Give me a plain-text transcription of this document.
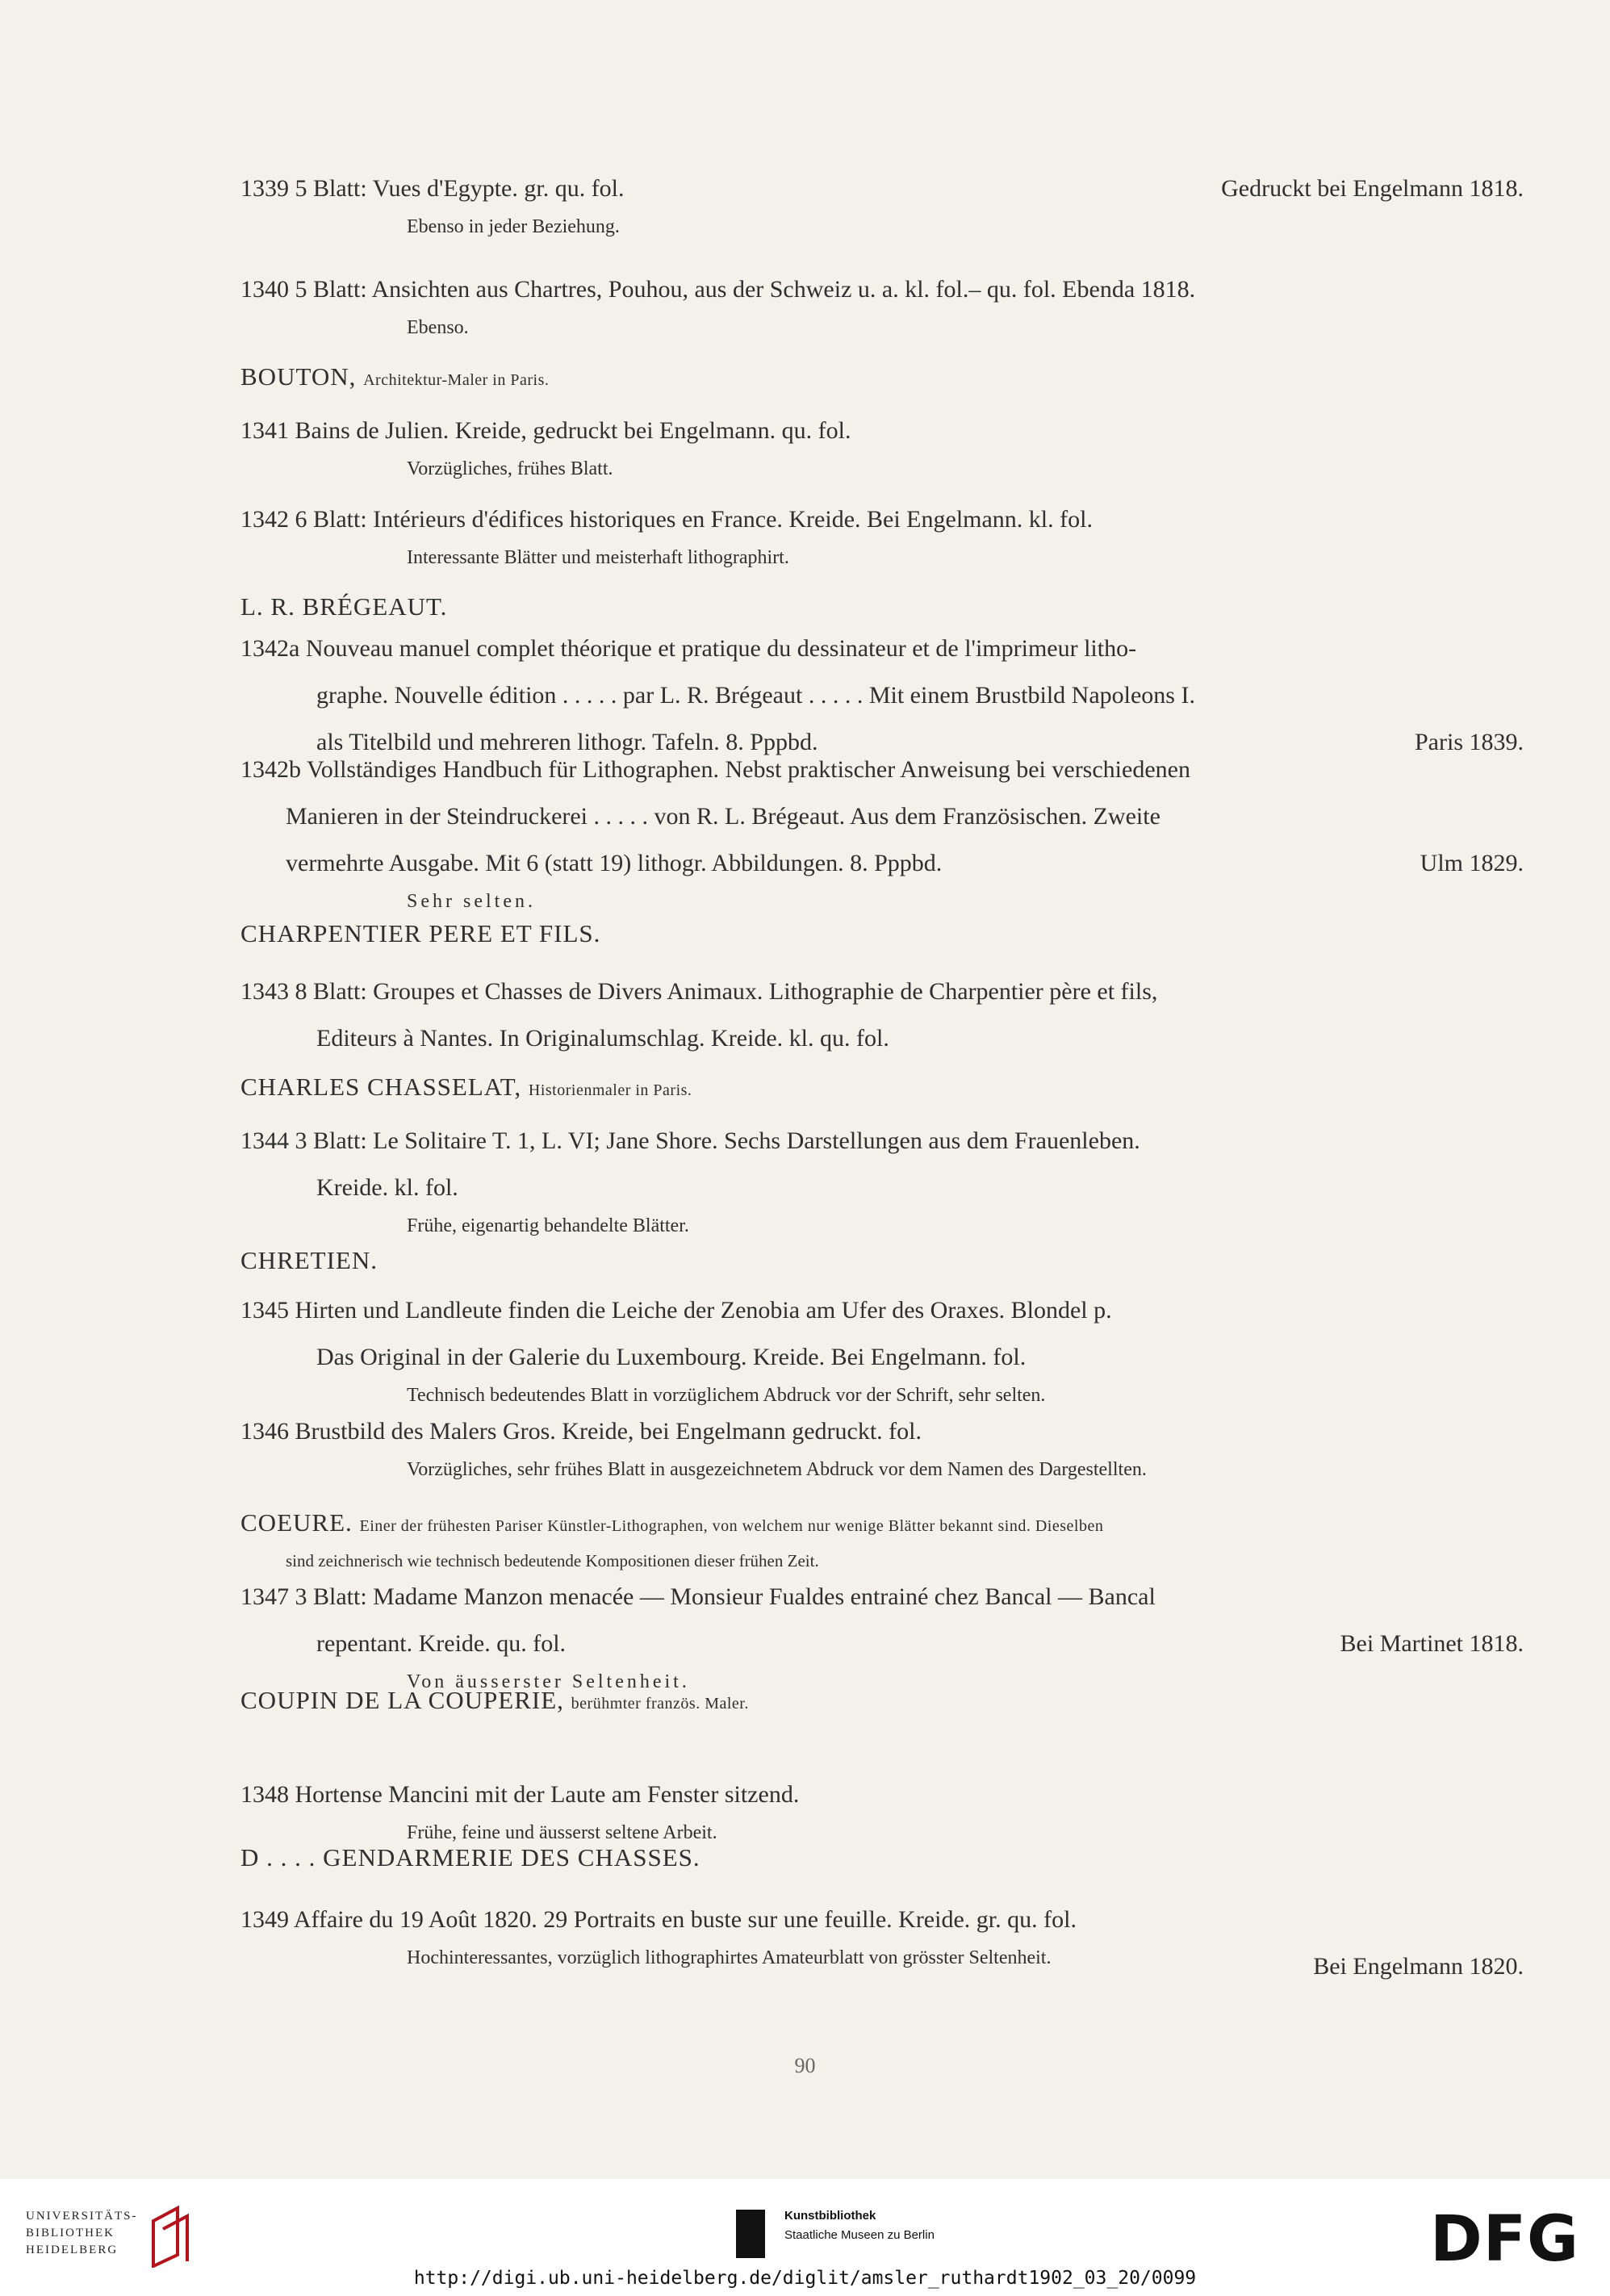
Gedruckt bei Engelmann 1818.
1339 5 Blatt: Vues d'Egypte. gr. qu. fol.
Ebenso in jeder Beziehung.
1340 5 Blatt: Ansichten aus Chartres, Pouhou, aus der Schweiz u. a. kl. fol.– qu. fol. Ebenda 1818.
Ebenso.
BOUTON, Architektur-Maler in Paris.
1341 Bains de Julien. Kreide, gedruckt bei Engelmann. qu. fol.
Vorzügliches, frühes Blatt.
1342 6 Blatt: Intérieurs d'édifices historiques en France. Kreide. Bei Engelmann. kl. fol.
Interessante Blätter und meisterhaft lithographirt.
L. R. BRÉGEAUT.
1342a Nouveau manuel complet théorique et pratique du dessinateur et de l'imprimeur litho-
graphe. Nouvelle édition . . . . . par L. R. Brégeaut . . . . . Mit einem Brustbild Napoleons I.
Paris 1839.
als Titelbild und mehreren lithogr. Tafeln. 8. Pppbd.
1342b Vollständiges Handbuch für Lithographen. Nebst praktischer Anweisung bei verschiedenen
Manieren in der Steindruckerei . . . . . von R. L. Brégeaut. Aus dem Französischen. Zweite
Ulm 1829.
vermehrte Ausgabe. Mit 6 (statt 19) lithogr. Abbildungen. 8. Pppbd.
Sehr selten.
CHARPENTIER PERE ET FILS.
1343 8 Blatt: Groupes et Chasses de Divers Animaux. Lithographie de Charpentier père et fils,
Editeurs à Nantes. In Originalumschlag. Kreide. kl. qu. fol.
CHARLES CHASSELAT, Historienmaler in Paris.
1344 3 Blatt: Le Solitaire T. 1, L. VI; Jane Shore. Sechs Darstellungen aus dem Frauenleben.
Kreide. kl. fol.
Frühe, eigenartig behandelte Blätter.
CHRETIEN.
1345 Hirten und Landleute finden die Leiche der Zenobia am Ufer des Oraxes. Blondel p.
Das Original in der Galerie du Luxembourg. Kreide. Bei Engelmann. fol.
Technisch bedeutendes Blatt in vorzüglichem Abdruck vor der Schrift, sehr selten.
1346 Brustbild des Malers Gros. Kreide, bei Engelmann gedruckt. fol.
Vorzügliches, sehr frühes Blatt in ausgezeichnetem Abdruck vor dem Namen des Dargestellten.
COEURE. Einer der frühesten Pariser Künstler-Lithographen, von welchem nur wenige Blätter bekannt sind. Dieselben
sind zeichnerisch wie technisch bedeutende Kompositionen dieser frühen Zeit.
1347 3 Blatt: Madame Manzon menacée — Monsieur Fualdes entrainé chez Bancal — Bancal
Bei Martinet 1818.
repentant. Kreide. qu. fol.
Von äusserster Seltenheit.
COUPIN DE LA COUPERIE, berühmter französ. Maler.
1348 Hortense Mancini mit der Laute am Fenster sitzend.
Frühe, feine und äusserst seltene Arbeit.
D . . . . GENDARMERIE DES CHASSES.
1349 Affaire du 19 Août 1820. 29 Portraits en buste sur une feuille. Kreide. gr. qu. fol.
Bei Engelmann 1820.
Hochinteressantes, vorzüglich lithographirtes Amateurblatt von grösster Seltenheit.
90
UNIVERSITÄTS-
BIBLIOTHEK
HEIDELBERG
Kunstbibliothek
Staatliche Museen zu Berlin	DFG
http://digi.ub.uni-heidelberg.de/diglit/amsler_ruthardt1902_03_20/0099
